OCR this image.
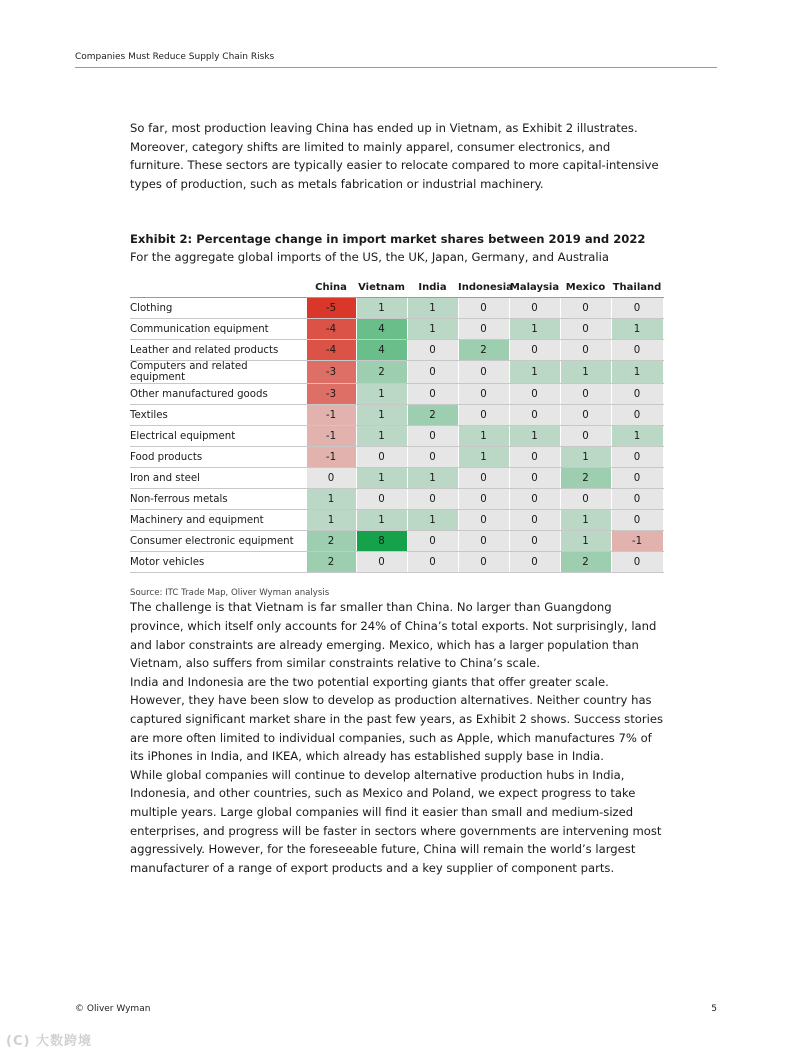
Companies Must Reduce Supply Chain Risks

So far, most production leaving China has ended up in Vietnam, as Exhibit 2 illustrates. Moreover, category shifts are limited to mainly apparel, consumer electronics, and furniture. These sectors are typically easier to relocate compared to more capital-intensive types of production, such as metals fabrication or industrial machinery.

Exhibit 2: Percentage change in import market shares between 2019 and 2022
For the aggregate global imports of the US, the UK, Japan, Germany, and Australia
	China	Vietnam	India	Indonesia	Malaysia	Mexico	Thailand
Clothing	-5	1	1	0	0	0	0
Communication equipment	-4	4	1	0	1	0	1
Leather and related products	-4	4	0	2	0	0	0
Computers and related equipment	-3	2	0	0	1	1	1
Other manufactured goods	-3	1	0	0	0	0	0
Textiles	-1	1	2	0	0	0	0
Electrical equipment	-1	1	0	1	1	0	1
Food products	-1	0	0	1	0	1	0
Iron and steel	0	1	1	0	0	2	0
Non-ferrous metals	1	0	0	0	0	0	0
Machinery and equipment	1	1	1	0	0	1	0
Consumer electronic equipment	2	8	0	0	0	1	-1
Motor vehicles	2	0	0	0	0	2	0
Source: ITC Trade Map, Oliver Wyman analysis

The challenge is that Vietnam is far smaller than China. No larger than Guangdong province, which itself only accounts for 24% of China’s total exports. Not surprisingly, land and labor constraints are already emerging. Mexico, which has a larger population than Vietnam, also suffers from similar constraints relative to China’s scale.

India and Indonesia are the two potential exporting giants that offer greater scale. However, they have been slow to develop as production alternatives. Neither country has captured significant market share in the past few years, as Exhibit 2 shows. Success stories are more often limited to individual companies, such as Apple, which manufactures 7% of its iPhones in India, and IKEA, which already has established supply base in India.

While global companies will continue to develop alternative production hubs in India, Indonesia, and other countries, such as Mexico and Poland, we expect progress to take multiple years. Large global companies will find it easier than small and medium-sized enterprises, and progress will be faster in sectors where governments are intervening most aggressively. However, for the foreseeable future, China will remain the world’s largest manufacturer of a range of export products and a key supplier of component parts.

© Oliver Wyman	5
(C) 大数跨境
